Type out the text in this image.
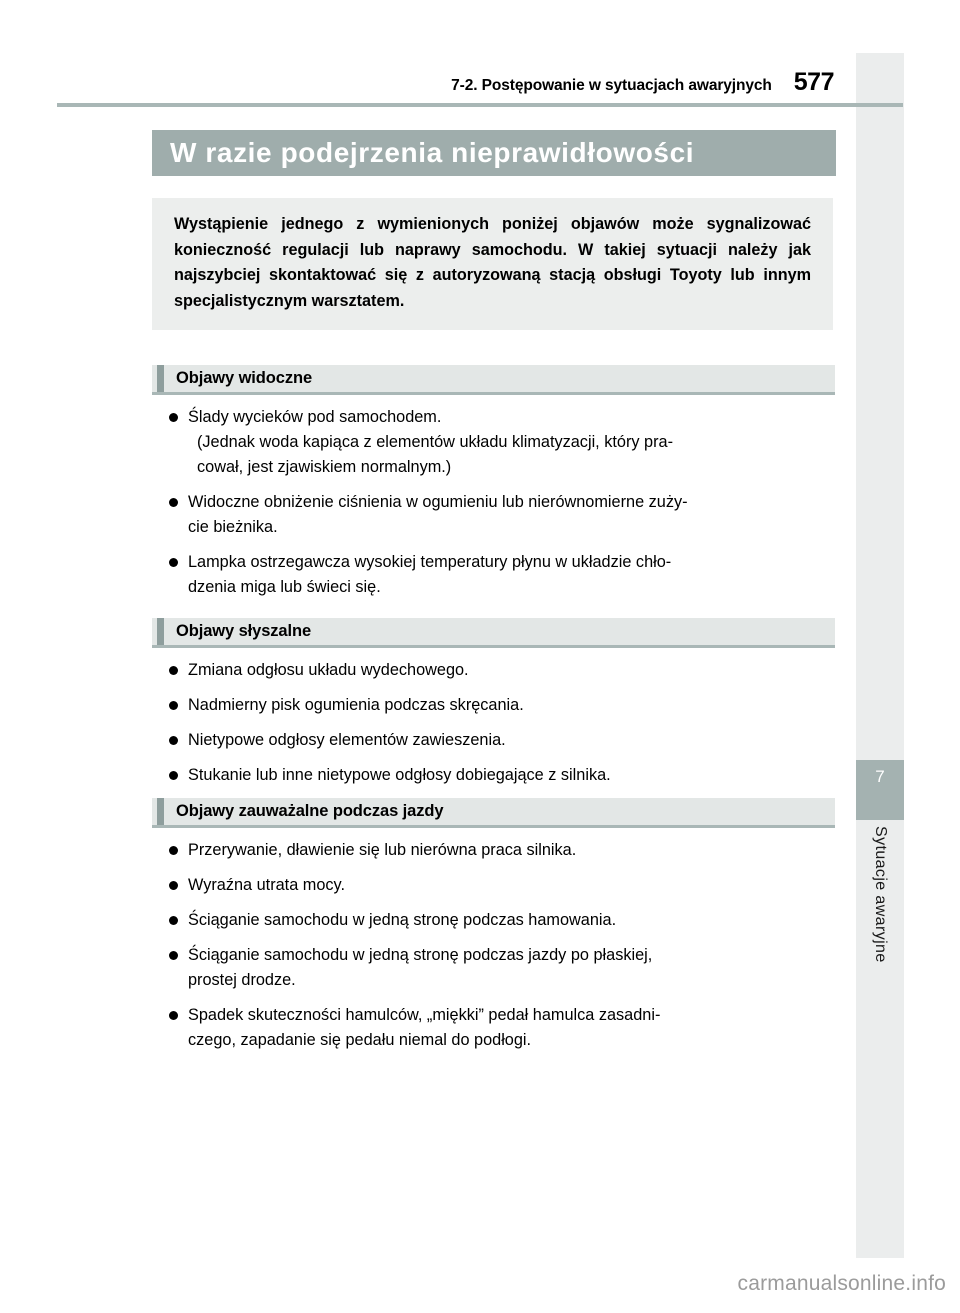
7
Sytuacje awaryjne
7-2. Postępowanie w sytuacjach awaryjnych 577
W razie podejrzenia nieprawidłowości

Wystąpienie jednego z wymienionych poniżej objawów może sygnalizować konieczność regulacji lub naprawy samochodu. W takiej sytuacji należy jak najszybciej skontaktować się z autoryzowaną stacją obsługi Toyoty lub innym specjalistycznym warsztatem.

Objawy widoczne
Ślady wycieków pod samochodem.
(Jednak woda kapiąca z elementów układu klimatyzacji, który pra-
cował, jest zjawiskiem normalnym.)
Widoczne obniżenie ciśnienia w ogumieniu lub nierównomierne zuży-
cie bieżnika.
Lampka ostrzegawcza wysokiej temperatury płynu w układzie chło-
dzenia miga lub świeci się.
Objawy słyszalne
Zmiana odgłosu układu wydechowego.
Nadmierny pisk ogumienia podczas skręcania.
Nietypowe odgłosy elementów zawieszenia.
Stukanie lub inne nietypowe odgłosy dobiegające z silnika.
Objawy zauważalne podczas jazdy
Przerywanie, dławienie się lub nierówna praca silnika.
Wyraźna utrata mocy.
Ściąganie samochodu w jedną stronę podczas hamowania.
Ściąganie samochodu w jedną stronę podczas jazdy po płaskiej,
prostej drodze.
Spadek skuteczności hamulców, „miękki” pedał hamulca zasadni-
czego, zapadanie się pedału niemal do podłogi.
carmanualsonline.info
